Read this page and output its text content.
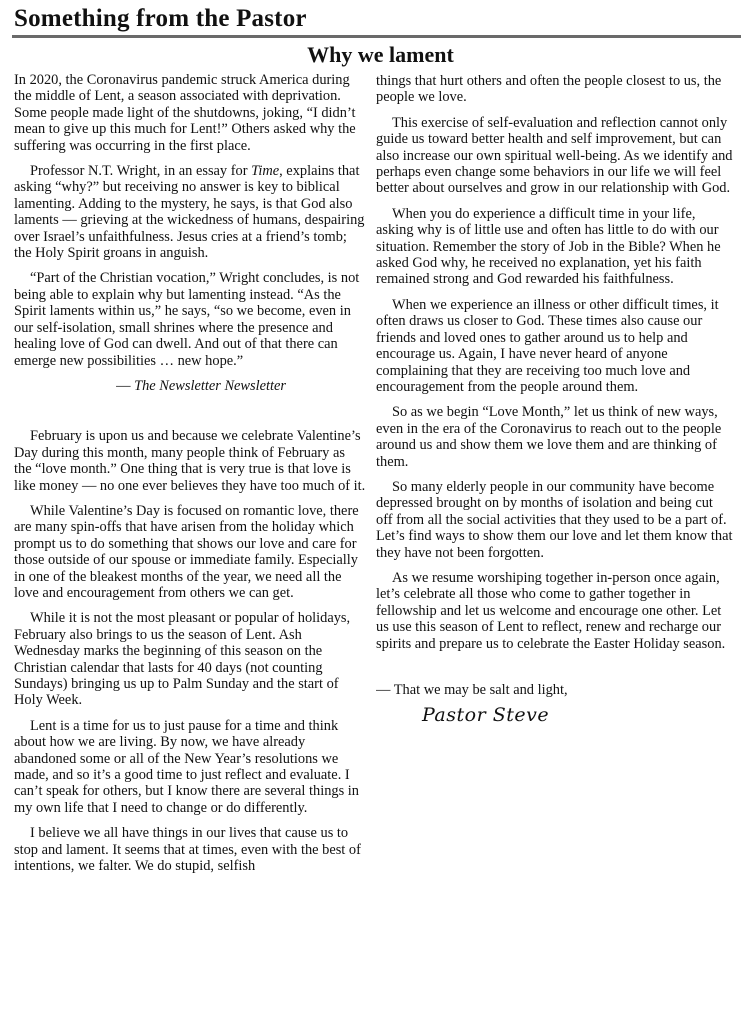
Something from the Pastor
Why we lament

In 2020, the Coronavirus pandemic struck America during the middle of Lent, a season associated with deprivation. Some people made light of the shutdowns, joking, “I didn’t mean to give up this much for Lent!” Others asked why the suffering was occurring in the first place.

Professor N.T. Wright, in an essay for Time, explains that asking “why?” but receiving no answer is key to biblical lamenting. Adding to the mystery, he says, is that God also laments — grieving at the wickedness of humans, despairing over Israel’s unfaithfulness. Jesus cries at a friend’s tomb; the Holy Spirit groans in anguish.

“Part of the Christian vocation,” Wright concludes, is not being able to explain why but lamenting instead. “As the Spirit laments within us,” he says, “so we become, even in our self-isolation, small shrines where the presence and healing love of God can dwell. And out of that there can emerge new possibilities … new hope.”

— The Newsletter Newsletter

February is upon us and because we celebrate Valentine’s Day during this month, many people think of February as the “love month.” One thing that is very true is that love is like money — no one ever believes they have too much of it.

While Valentine’s Day is focused on romantic love, there are many spin-offs that have arisen from the holiday which prompt us to do something that shows our love and care for those outside of our spouse or immediate family. Especially in one of the bleakest months of the year, we need all the love and encouragement from others we can get.

While it is not the most pleasant or popular of holidays, February also brings to us the season of Lent. Ash Wednesday marks the beginning of this season on the Christian calendar that lasts for 40 days (not counting Sundays) bringing us up to Palm Sunday and the start of Holy Week.

Lent is a time for us to just pause for a time and think about how we are living. By now, we have already abandoned some or all of the New Year’s resolutions we made, and so it’s a good time to just reflect and evaluate. I can’t speak for others, but I know there are several things in my own life that I need to change or do differently.

I believe we all have things in our lives that cause us to stop and lament. It seems that at times, even with the best of intentions, we falter. We do stupid, selfish

things that hurt others and often the people closest to us, the people we love.

This exercise of self-evaluation and reflection cannot only guide us toward better health and self improvement, but can also increase our own spiritual well-being. As we identify and perhaps even change some behaviors in our life we will feel better about ourselves and grow in our relationship with God.

When you do experience a difficult time in your life, asking why is of little use and often has little to do with our situation. Remember the story of Job in the Bible? When he asked God why, he received no explanation, yet his faith remained strong and God rewarded his faithfulness.

When we experience an illness or other difficult times, it often draws us closer to God. These times also cause our friends and loved ones to gather around us to help and encourage us. Again, I have never heard of anyone complaining that they are receiving too much love and encouragement from the people around them.

So as we begin “Love Month,” let us think of new ways, even in the era of the Coronavirus to reach out to the people around us and show them we love them and are thinking of them.

So many elderly people in our community have become depressed brought on by months of isolation and being cut off from all the social activities that they used to be a part of. Let’s find ways to show them our love and let them know that they have not been forgotten.

As we resume worshiping together in-person once again, let’s celebrate all those who come to gather together in fellowship and let us welcome and encourage one other. Let us use this season of Lent to reflect, renew and recharge our spirits and prepare us to celebrate the Easter Holiday season.

— That we may be salt and light,

Pastor Steve
